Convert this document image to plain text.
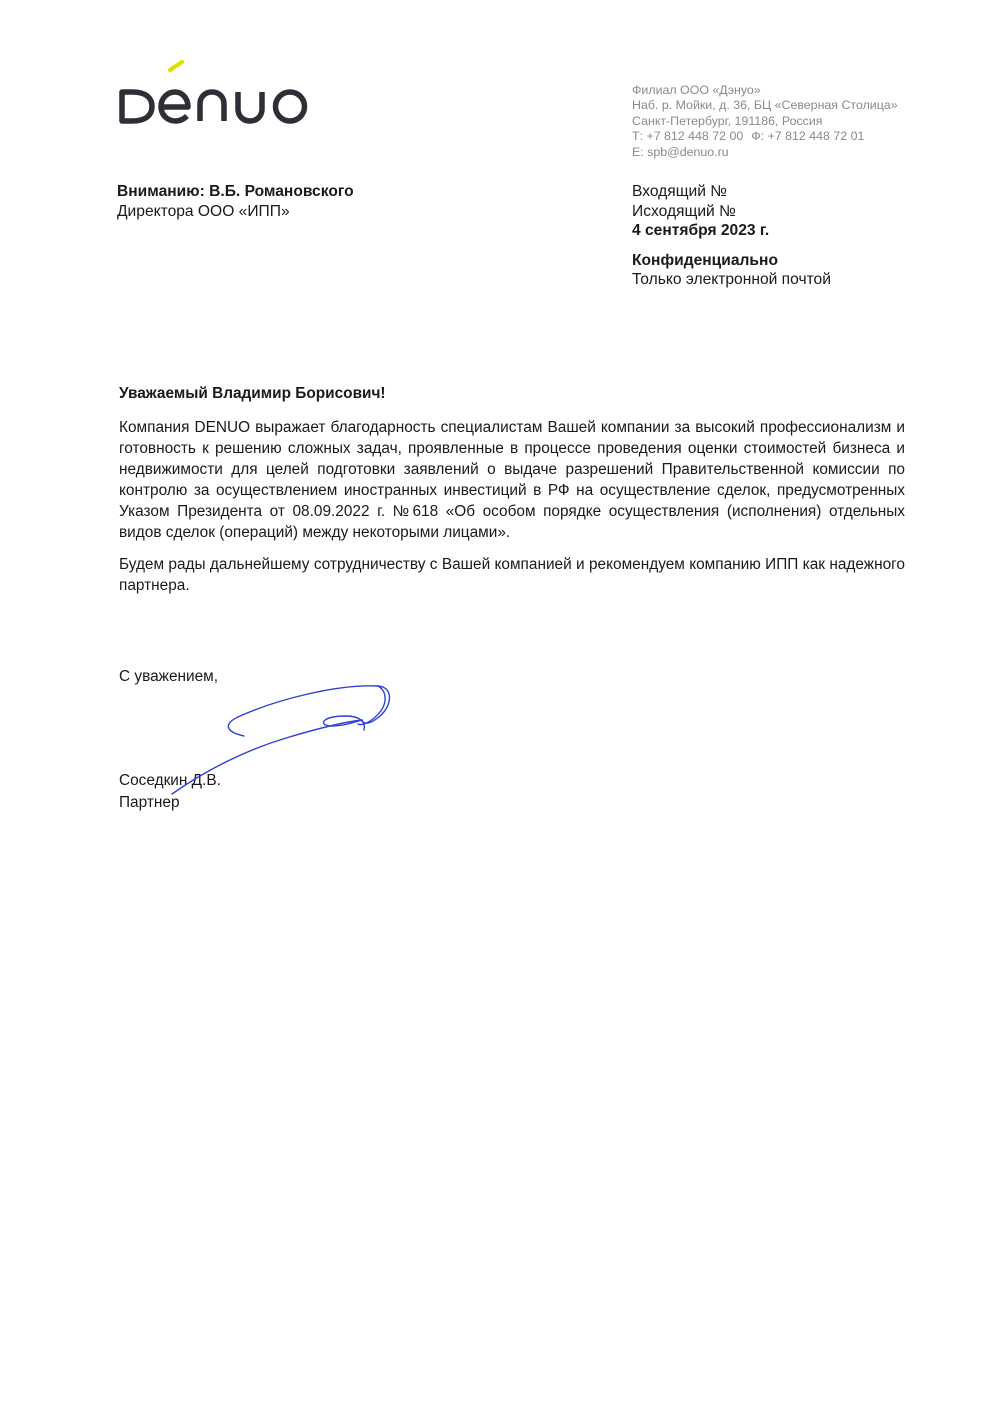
Филиал ООО «Дэнуо»
Наб. р. Мойки, д. 36, БЦ «Северная Столица»
Санкт-Петербург, 191186, Россия
Т: +7 812 448 72 00 Ф: +7 812 448 72 01
E: spb@denuo.ru
Вниманию: В.Б. Романовского
Директора ООО «ИПП»
Входящий №
Исходящий №
4 сентября 2023 г.
Конфиденциально
Только электронной почтой
Уважаемый Владимир Борисович!

Компания DENUO выражает благодарность специалистам Вашей компании за высокий профессионализм и готовность к решению сложных задач, проявленные в процессе проведения оценки стоимостей бизнеса и недвижимости для целей подготовки заявлений о выдаче разрешений Правительственной комиссии по контролю за осуществлением иностранных инвестиций в РФ на осуществление сделок, предусмотренных Указом Президента от 08.09.2022 г. №618 «Об особом порядке осуществления (исполнения) отдельных видов сделок (операций) между некоторыми лицами».

Будем рады дальнейшему сотрудничеству с Вашей компанией и рекомендуем компанию ИПП как надежного партнера.

С уважением,
Соседкин Д.В.
Партнер
